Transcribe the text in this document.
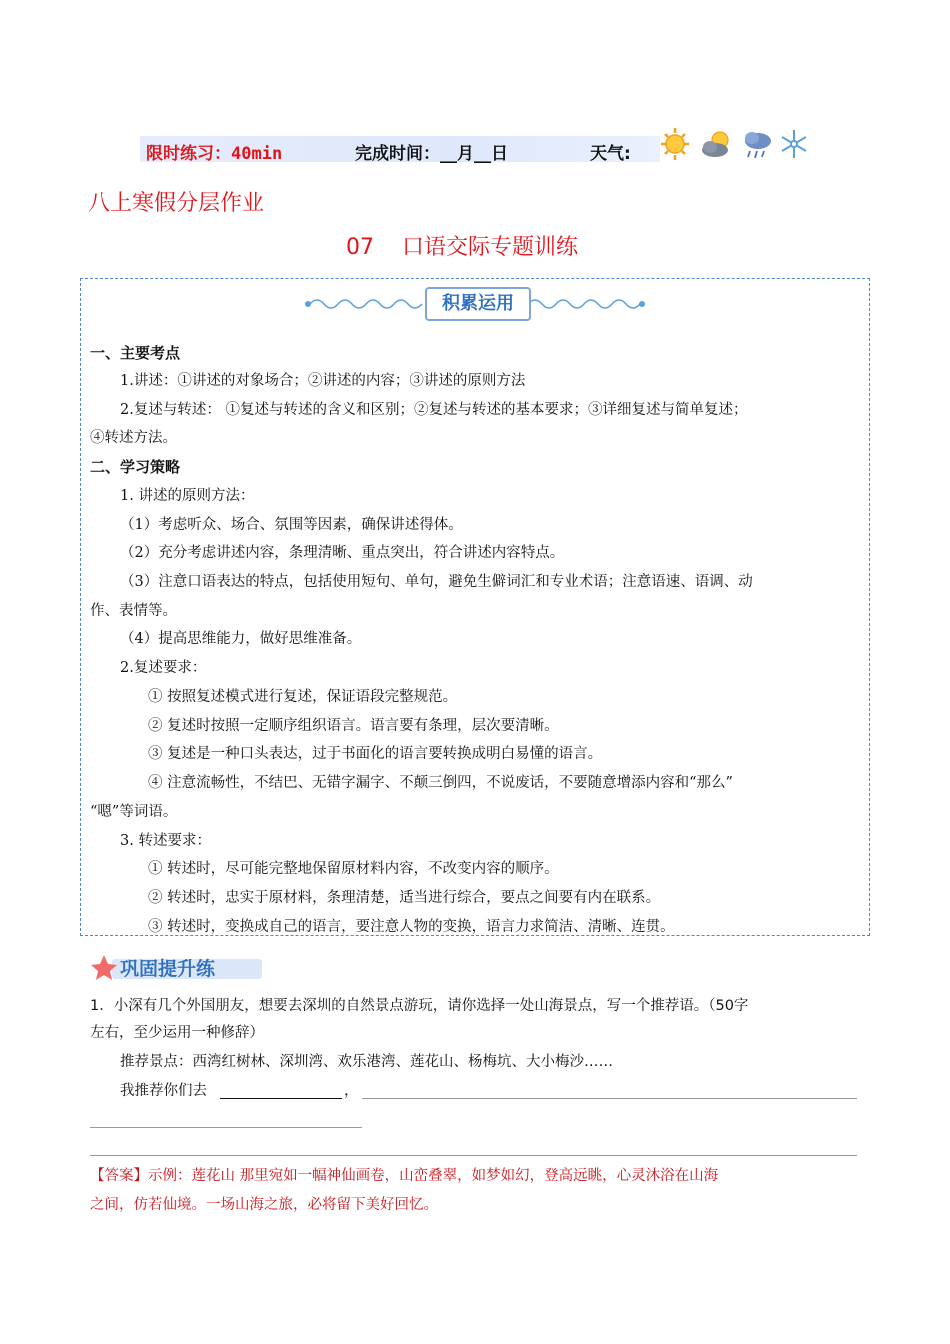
限时练习：40min	完成时间：__月__日	天气:
八上寒假分层作业
07    口语交际专题训练
积累运用
一、主要考点
1.讲述：①讲述的对象场合；②讲述的内容；③讲述的原则方法
2.复述与转述： ①复述与转述的含义和区别；②复述与转述的基本要求；③详细复述与简单复述；
④转述方法。
二、学习策略
1. 讲述的原则方法：
（1）考虑听众、场合、氛围等因素，确保讲述得体。
（2）充分考虑讲述内容，条理清晰、重点突出，符合讲述内容特点。
（3）注意口语表达的特点，包括使用短句、单句，避免生僻词汇和专业术语；注意语速、语调、动
作、表情等。
（4）提高思维能力，做好思维准备。
2.复述要求：
① 按照复述模式进行复述，保证语段完整规范。
② 复述时按照一定顺序组织语言。语言要有条理，层次要清晰。
③ 复述是一种口头表达，过于书面化的语言要转换成明白易懂的语言。
④ 注意流畅性，不结巴、无错字漏字、不颠三倒四，不说废话，不要随意增添内容和“那么”
“嗯”等词语。
3. 转述要求：
① 转述时，尽可能完整地保留原材料内容，不改变内容的顺序。
② 转述时，忠实于原材料，条理清楚，适当进行综合，要点之间要有内在联系。
③ 转述时，变换成自己的语言，要注意人物的变换，语言力求简洁、清晰、连贯。
巩固提升练
1．小深有几个外国朋友，想要去深圳的自然景点游玩，请你选择一处山海景点，写一个推荐语。（50字
左右，至少运用一种修辞）
推荐景点：西湾红树林、深圳湾、欢乐港湾、莲花山、杨梅坑、大小梅沙……
我推荐你们去	，
【答案】示例：莲花山 那里宛如一幅神仙画卷，山峦叠翠，如梦如幻，登高远眺，心灵沐浴在山海
之间，仿若仙境。一场山海之旅，必将留下美好回忆。
